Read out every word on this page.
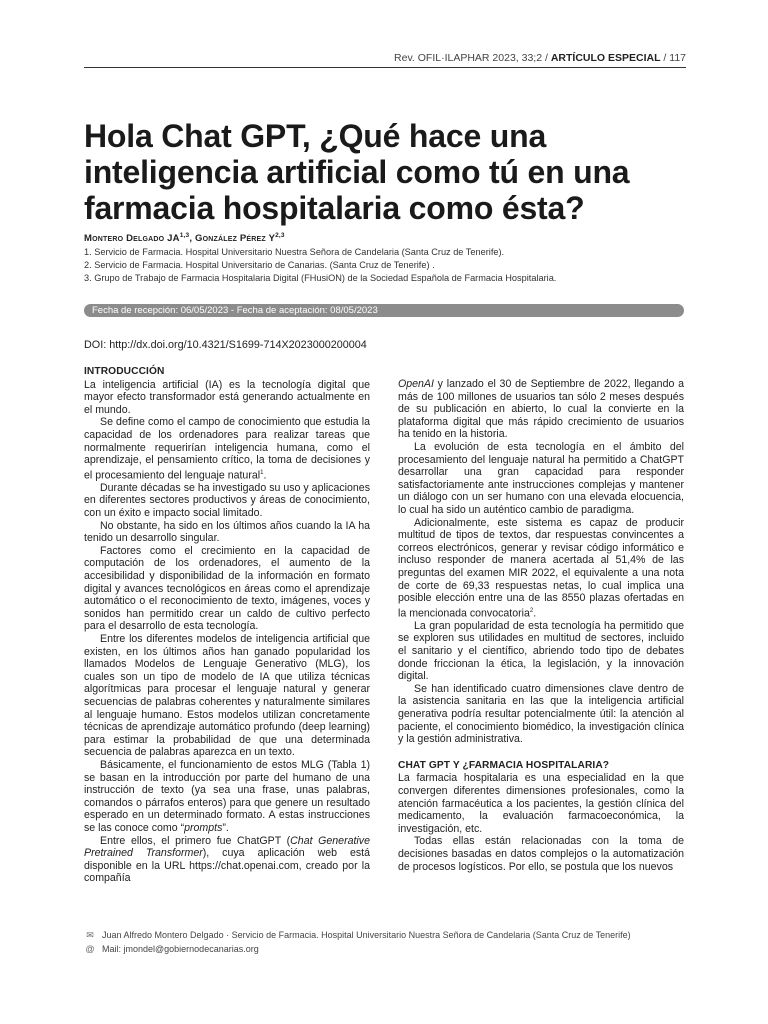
Rev. OFIL·ILAPHAR 2023, 33;2 / ARTÍCULO ESPECIAL / 117
Hola Chat GPT, ¿Qué hace una inteligencia artificial como tú en una farmacia hospitalaria como ésta?
Montero Delgado JA$^{1,3}$, González Pérez Y$^{2,3}$
1. Servicio de Farmacia. Hospital Universitario Nuestra Señora de Candelaria (Santa Cruz de Tenerife).
2. Servicio de Farmacia. Hospital Universitario de Canarias. (Santa Cruz de Tenerife) .
3. Grupo de Trabajo de Farmacia Hospitalaria Digital (FHusiON) de la Sociedad Española de Farmacia Hospitalaria.
Fecha de recepción: 06/05/2023 - Fecha de aceptación: 08/05/2023
DOI: http://dx.doi.org/10.4321/S1699-714X2023000200004
INTRODUCCIÓN

La inteligencia artificial (IA) es la tecnología digital que mayor efecto transformador está generando actualmente en el mundo.

Se define como el campo de conocimiento que estudia la capacidad de los ordenadores para realizar tareas que normalmente requerirían inteligencia humana, como el aprendizaje, el pensamiento crítico, la toma de decisiones y el procesamiento del lenguaje natural$^1$.

Durante décadas se ha investigado su uso y aplicaciones en diferentes sectores productivos y áreas de conocimiento, con un éxito e impacto social limitado.

No obstante, ha sido en los últimos años cuando la IA ha tenido un desarrollo singular.

Factores como el crecimiento en la capacidad de computación de los ordenadores, el aumento de la accesibilidad y disponibilidad de la información en formato digital y avances tecnológicos en áreas como el aprendizaje automático o el reconocimiento de texto, imágenes, voces y sonidos han permitido crear un caldo de cultivo perfecto para el desarrollo de esta tecnología.

Entre los diferentes modelos de inteligencia artificial que existen, en los últimos años han ganado popularidad los llamados Modelos de Lenguaje Generativo (MLG), los cuales son un tipo de modelo de IA que utiliza técnicas algorítmicas para procesar el lenguaje natural y generar secuencias de palabras coherentes y naturalmente similares al lenguaje humano. Estos modelos utilizan concretamente técnicas de aprendizaje automático profundo (deep learning) para estimar la probabilidad de que una determinada secuencia de palabras aparezca en un texto.

Básicamente, el funcionamiento de estos MLG (Tabla 1) se basan en la introducción por parte del humano de una instrucción de texto (ya sea una frase, unas palabras, comandos o párrafos enteros) para que genere un resultado esperado en un determinado formato. A estas instrucciones se las conoce como “prompts”.

Entre ellos, el primero fue ChatGPT (Chat Generative Pretrained Transformer), cuya aplicación web está disponible en la URL https://chat.openai.com, creado por la compañía

OpenAI y lanzado el 30 de Septiembre de 2022, llegando a más de 100 millones de usuarios tan sólo 2 meses después de su publicación en abierto, lo cual la convierte en la plataforma digital que más rápido crecimiento de usuarios ha tenido en la historia.

La evolución de esta tecnología en el ámbito del procesamiento del lenguaje natural ha permitido a ChatGPT desarrollar una gran capacidad para responder satisfactoriamente ante instrucciones complejas y mantener un diálogo con un ser humano con una elevada elocuencia, lo cual ha sido un auténtico cambio de paradigma.

Adicionalmente, este sistema es capaz de producir multitud de tipos de textos, dar respuestas convincentes a correos electrónicos, generar y revisar código informático e incluso responder de manera acertada al 51,4% de las preguntas del examen MIR 2022, el equivalente a una nota de corte de 69,33 respuestas netas, lo cual implica una posible elección entre una de las 8550 plazas ofertadas en la mencionada convocatoria$^2$.

La gran popularidad de esta tecnología ha permitido que se exploren sus utilidades en multitud de sectores, incluido el sanitario y el científico, abriendo todo tipo de debates donde friccionan la ética, la legislación, y la innovación digital.

Se han identificado cuatro dimensiones clave dentro de la asistencia sanitaria en las que la inteligencia artificial generativa podría resultar potencialmente útil: la atención al paciente, el conocimiento biomédico, la investigación clínica y la gestión administrativa.

CHAT GPT Y ¿FARMACIA HOSPITALARIA?

La farmacia hospitalaria es una especialidad en la que convergen diferentes dimensiones profesionales, como la atención farmacéutica a los pacientes, la gestión clínica del medicamento, la evaluación farmacoeconómica, la investigación, etc.

Todas ellas están relacionadas con la toma de decisiones basadas en datos complejos o la automatización de procesos logísticos. Por ello, se postula que los nuevos

✉ Juan Alfredo Montero Delgado · Servicio de Farmacia. Hospital Universitario Nuestra Señora de Candelaria (Santa Cruz de Tenerife)
@ Mail: jmondel@gobiernodecanarias.org
